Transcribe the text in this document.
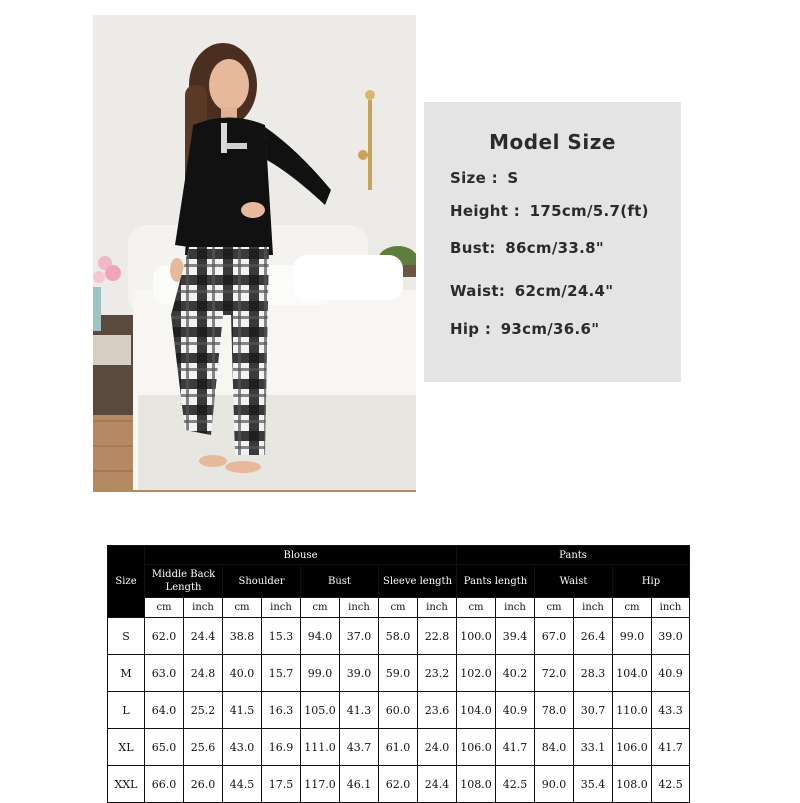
Model Size
Size : S
Height : 175cm/5.7(ft)
Bust: 86cm/33.8"
Waist: 62cm/24.4"
Hip : 93cm/36.6"
Size	Blouse								Pants					
	Middle Back Length		Shoulder		Bust		Sleeve length		Pants length		Waist		Hip	
	cm	inch	cm	inch	cm	inch	cm	inch	cm	inch	cm	inch	cm	inch
S	62.0	24.4	38.8	15.3	94.0	37.0	58.0	22.8	100.0	39.4	67.0	26.4	99.0	39.0
M	63.0	24.8	40.0	15.7	99.0	39.0	59.0	23.2	102.0	40.2	72.0	28.3	104.0	40.9
L	64.0	25.2	41.5	16.3	105.0	41.3	60.0	23.6	104.0	40.9	78.0	30.7	110.0	43.3
XL	65.0	25.6	43.0	16.9	111.0	43.7	61.0	24.0	106.0	41.7	84.0	33.1	106.0	41.7
XXL	66.0	26.0	44.5	17.5	117.0	46.1	62.0	24.4	108.0	42.5	90.0	35.4	108.0	42.5
